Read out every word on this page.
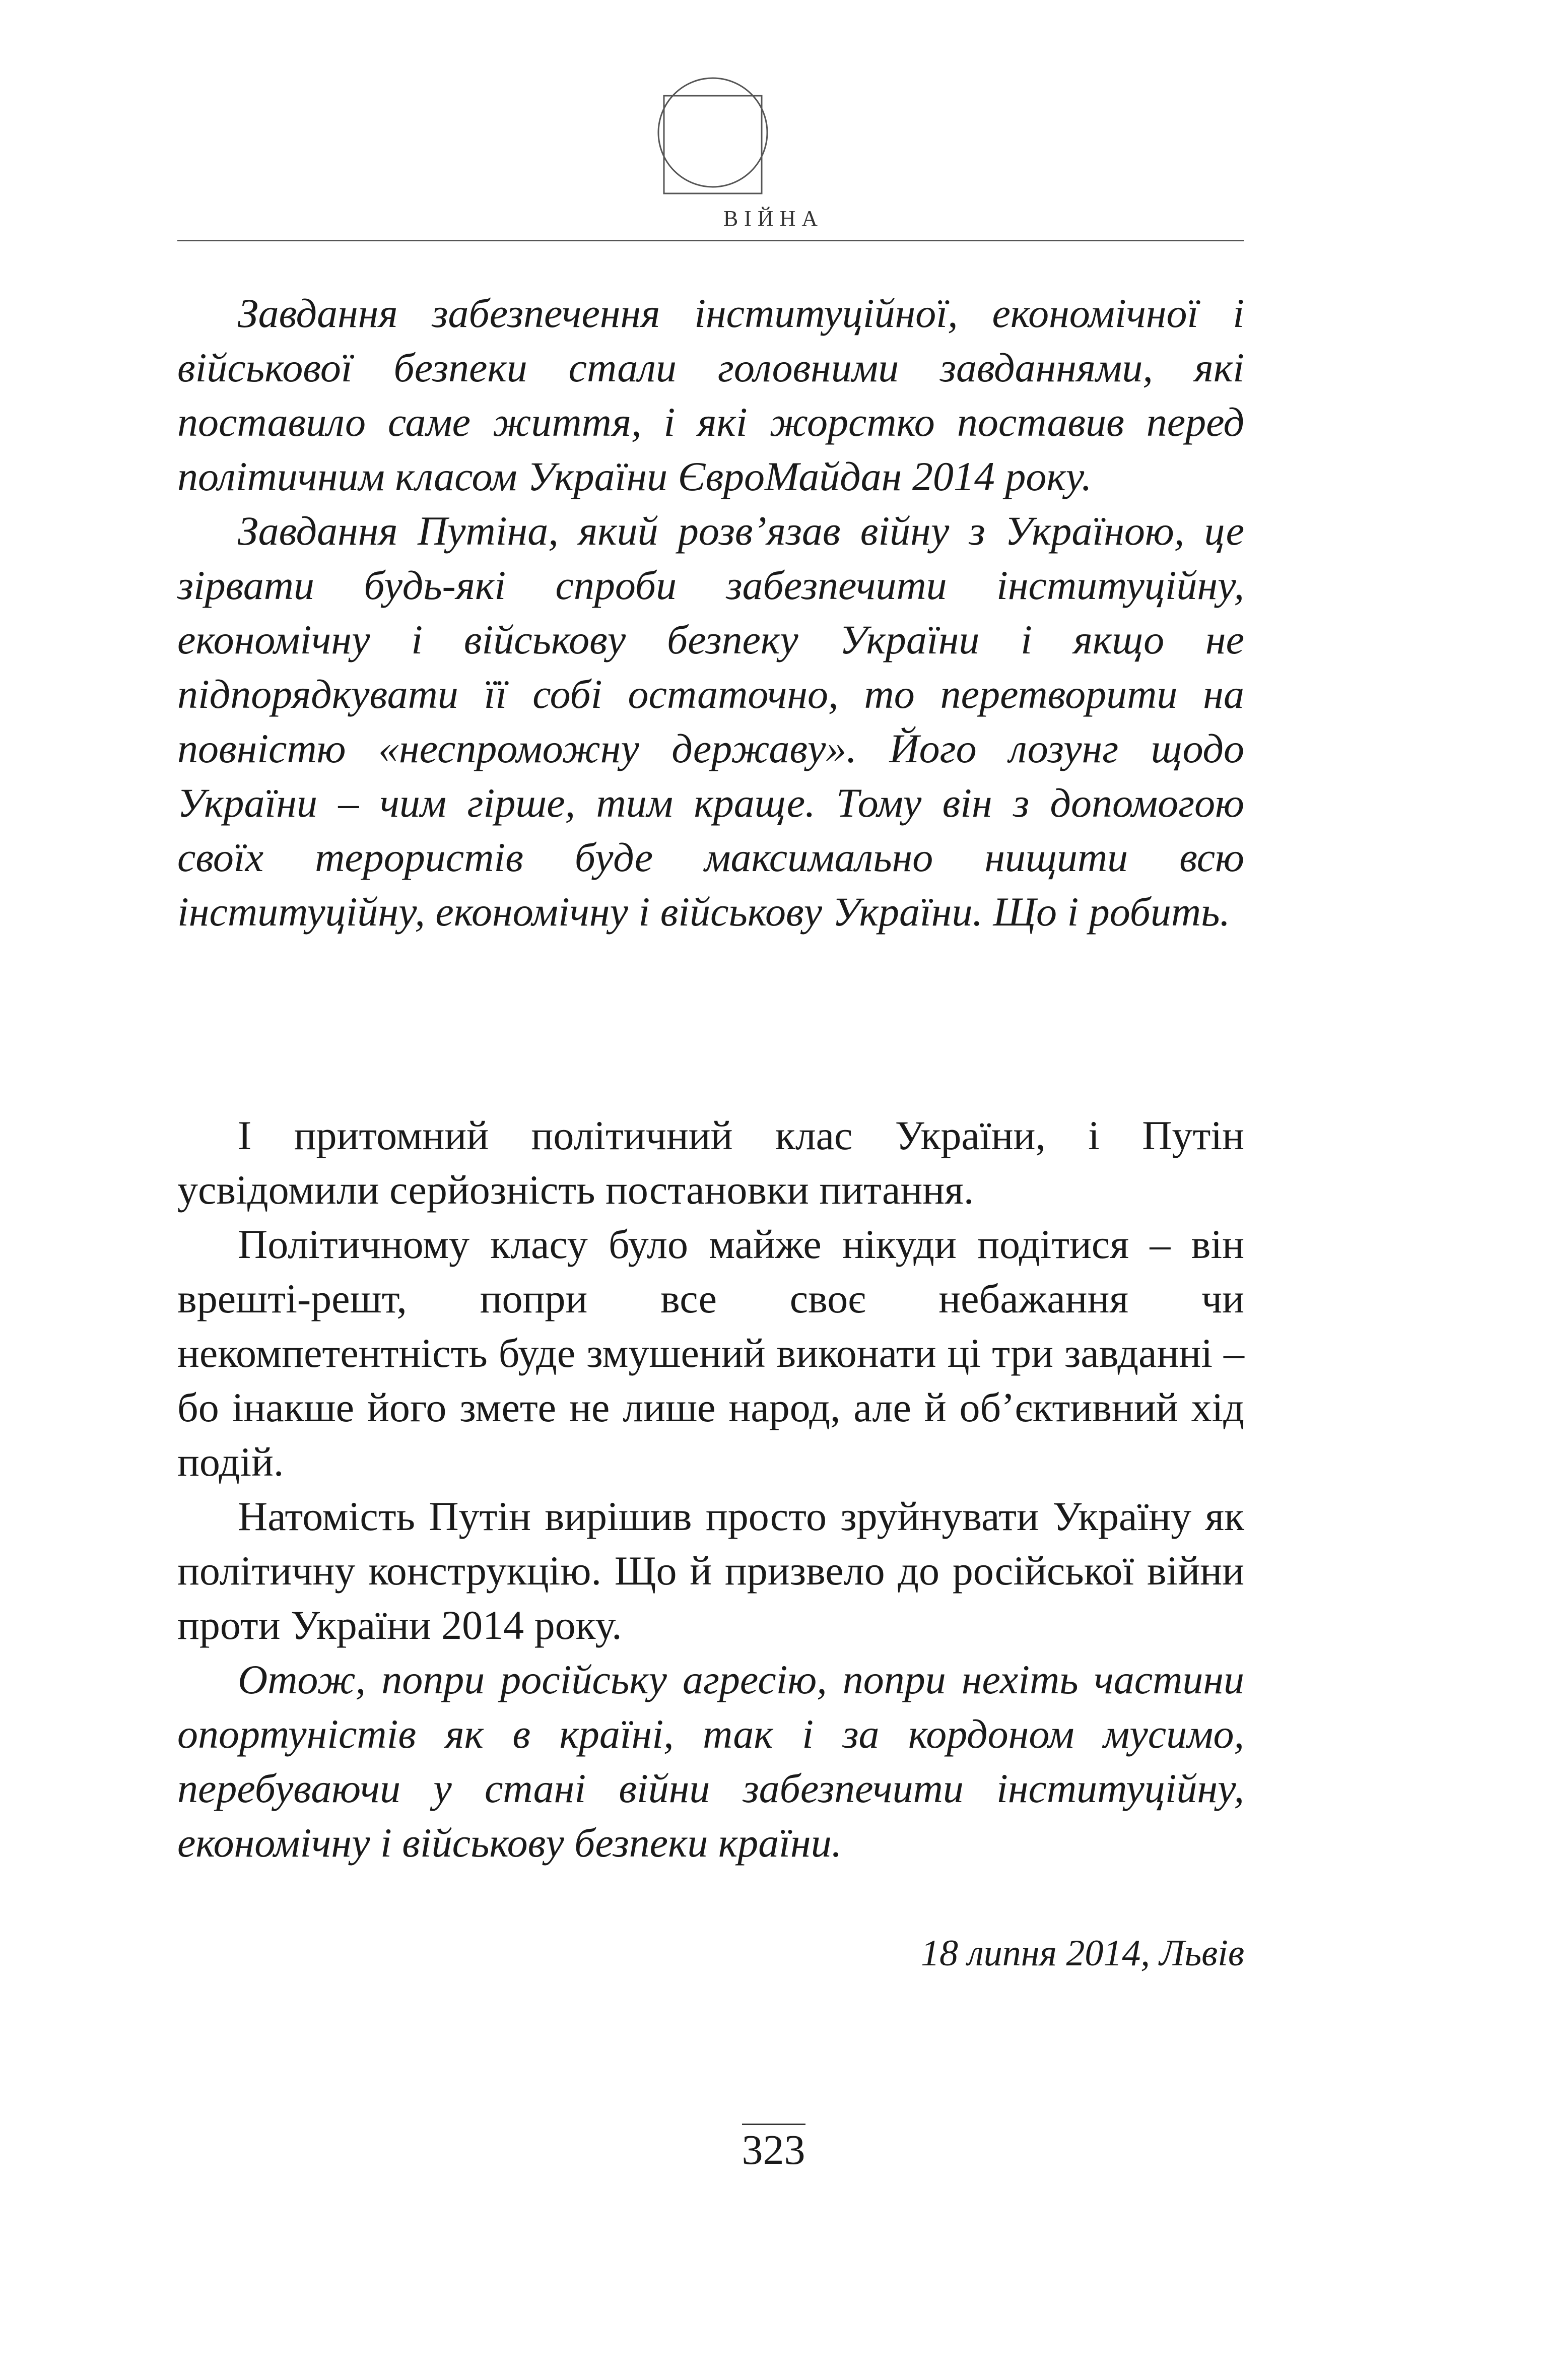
ВІЙНА

Завдання забезпечення інституційної, економічної і військової безпеки стали головними завданнями, які поставило саме життя, і які жорстко поставив перед політичним класом України ЄвроМайдан 2014 року.

Завдання Путіна, який розв’язав війну з Україною, це зірвати будь-які спроби забезпечити інституційну, економічну і військову безпеку України і якщо не підпорядкувати її собі остаточно, то перетворити на повністю «неспроможну державу». Його лозунг щодо України – чим гірше, тим краще. Тому він з допомогою своїх терористів буде максимально нищити всю інституційну, економічну і військову України. Що і робить.

І притомний політичний клас України, і Путін усвідомили серйозність постановки питання.

Політичному класу було майже нікуди подітися – він врешті-решт, попри все своє небажання чи некомпетентність буде змушений виконати ці три завданні – бо інакше його змете не лише народ, але й об’єктивний хід подій.

Натомість Путін вирішив просто зруйнувати Україну як політичну конструкцію. Що й призвело до російської війни проти України 2014 року.

Отож, попри російську агресію, попри нехіть частини опортуністів як в країні, так і за кордоном мусимо, перебуваючи у стані війни забезпечити інституційну, економічну і військову безпеки країни.

18 липня 2014, Львів
323
